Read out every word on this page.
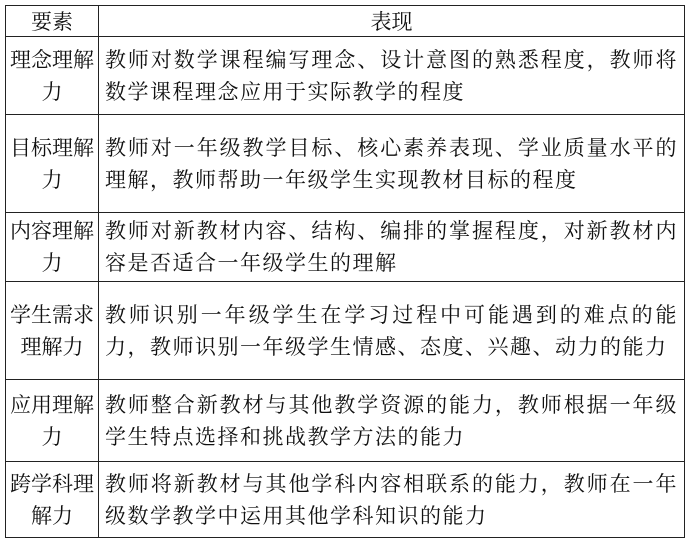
要素	表现
理念理解力	教师对数学课程编写理念、设计意图的熟悉程度，教师将数学课程理念应用于实际教学的程度
目标理解力	教师对一年级教学目标、核心素养表现、学业质量水平的理解，教师帮助一年级学生实现教材目标的程度
内容理解力	教师对新教材内容、结构、编排的掌握程度，对新教材内容是否适合一年级学生的理解
学生需求理解力	教师识别一年级学生在学习过程中可能遇到的难点的能力，教师识别一年级学生情感、态度、兴趣、动力的能力
应用理解力	教师整合新教材与其他教学资源的能力，教师根据一年级学生特点选择和挑战教学方法的能力
跨学科理解力	教师将新教材与其他学科内容相联系的能力，教师在一年级数学教学中运用其他学科知识的能力
